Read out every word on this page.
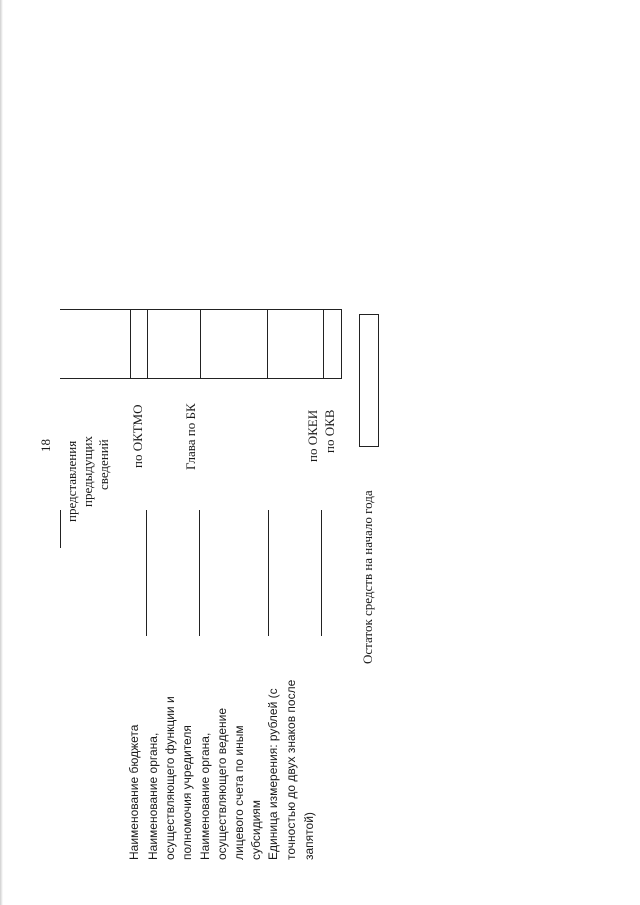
18 представления предыдущих сведений
Наименование бюджета Наименование органа, осуществляющего функции и полномочия учредителя Наименование органа, осуществляющего ведение лицевого счета по иным субсидиям Единица измерения: рублей (с точностью до двух знаков после запятой)
по ОКТМО	Глава по БК	по ОКЕИ по ОКВ
Остаток средств на начало года
